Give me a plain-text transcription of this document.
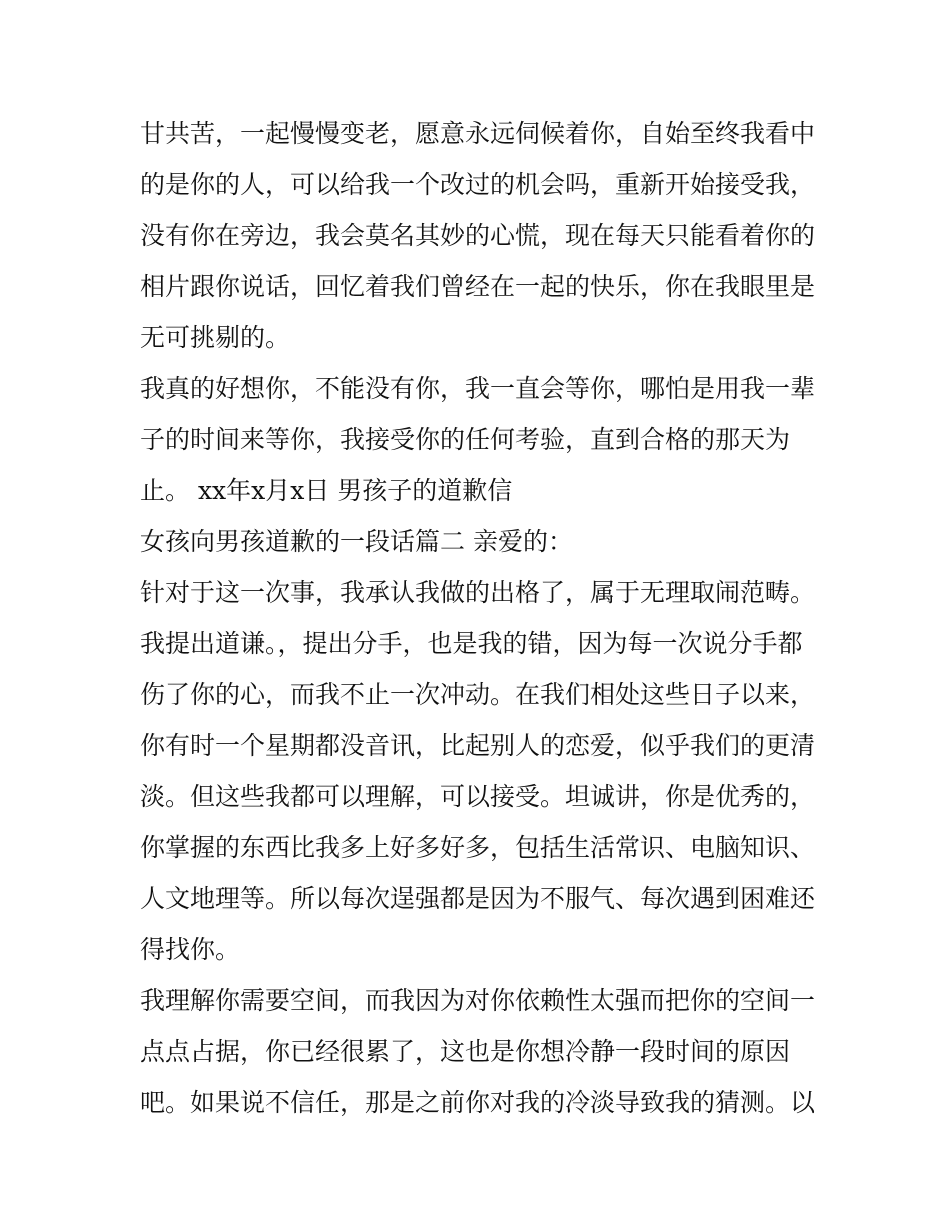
甘共苦，一起慢慢变老，愿意永远伺候着你，自始至终我看中
的是你的人，可以给我一个改过的机会吗，重新开始接受我，
没有你在旁边，我会莫名其妙的心慌，现在每天只能看着你的
相片跟你说话，回忆着我们曾经在一起的快乐，你在我眼里是
无可挑剔的。
我真的好想你，不能没有你，我一直会等你，哪怕是用我一辈
子的时间来等你，我接受你的任何考验，直到合格的那天为
止。 xx年x月x日 男孩子的道歉信
女孩向男孩道歉的一段话篇二 亲爱的：
针对于这一次事，我承认我做的出格了，属于无理取闹范畴。
我提出道谦。，提出分手，也是我的错，因为每一次说分手都
伤了你的心，而我不止一次冲动。在我们相处这些日子以来，
你有时一个星期都没音讯，比起别人的恋爱，似乎我们的更清
淡。但这些我都可以理解，可以接受。坦诚讲，你是优秀的，
你掌握的东西比我多上好多好多，包括生活常识、电脑知识、
人文地理等。所以每次逞强都是因为不服气、每次遇到困难还
得找你。
我理解你需要空间，而我因为对你依赖性太强而把你的空间一
点点占据，你已经很累了，这也是你想冷静一段时间的原因
吧。如果说不信任，那是之前你对我的冷淡导致我的猜测。以
